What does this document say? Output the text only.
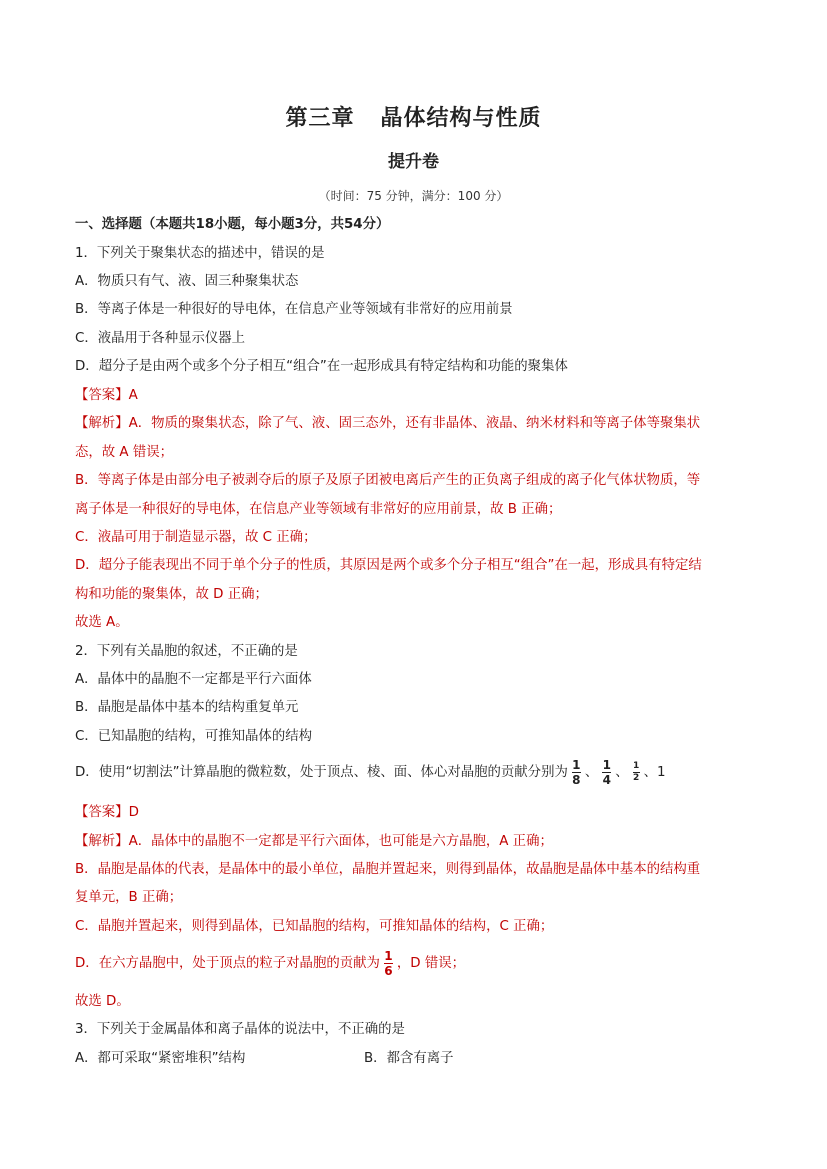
第三章 晶体结构与性质
提升卷
（时间：75 分钟，满分：100 分）
一、选择题（本题共18小题，每小题3分，共54分）
1．下列关于聚集状态的描述中，错误的是
A．物质只有气、液、固三种聚集状态
B．等离子体是一种很好的导电体，在信息产业等领域有非常好的应用前景
C．液晶用于各种显示仪器上
D．超分子是由两个或多个分子相互“组合”在一起形成具有特定结构和功能的聚集体
【答案】A
【解析】A．物质的聚集状态，除了气、液、固三态外，还有非晶体、液晶、纳米材料和等离子体等聚集状
态，故 A 错误；
B．等离子体是由部分电子被剥夺后的原子及原子团被电离后产生的正负离子组成的离子化气体状物质，等
离子体是一种很好的导电体，在信息产业等领域有非常好的应用前景，故 B 正确；
C．液晶可用于制造显示器，故 C 正确；
D．超分子能表现出不同于单个分子的性质，其原因是两个或多个分子相互“组合”在一起，形成具有特定结
构和功能的聚集体，故 D 正确；
故选 A。
2．下列有关晶胞的叙述，不正确的是
A．晶体中的晶胞不一定都是平行六面体
B．晶胞是晶体中基本的结构重复单元
C．已知晶胞的结构，可推知晶体的结构
D．使用“切割法”计算晶胞的微粒数，处于顶点、棱、面、体心对晶胞的贡献分别为 $\frac{1}{8}$ 、 $\frac{1}{4}$ 、 $\frac{1}{2}$ 、1
【答案】D
【解析】A．晶体中的晶胞不一定都是平行六面体，也可能是六方晶胞，A 正确；
B．晶胞是晶体的代表，是晶体中的最小单位，晶胞并置起来，则得到晶体，故晶胞是晶体中基本的结构重
复单元，B 正确；
C．晶胞并置起来，则得到晶体，已知晶胞的结构，可推知晶体的结构，C 正确；
D．在六方晶胞中，处于顶点的粒子对晶胞的贡献为 $\frac{1}{6}$ ，D 错误；
故选 D。
3．下列关于金属晶体和离子晶体的说法中，不正确的是
A．都可采取“紧密堆积”结构	B．都含有离子
